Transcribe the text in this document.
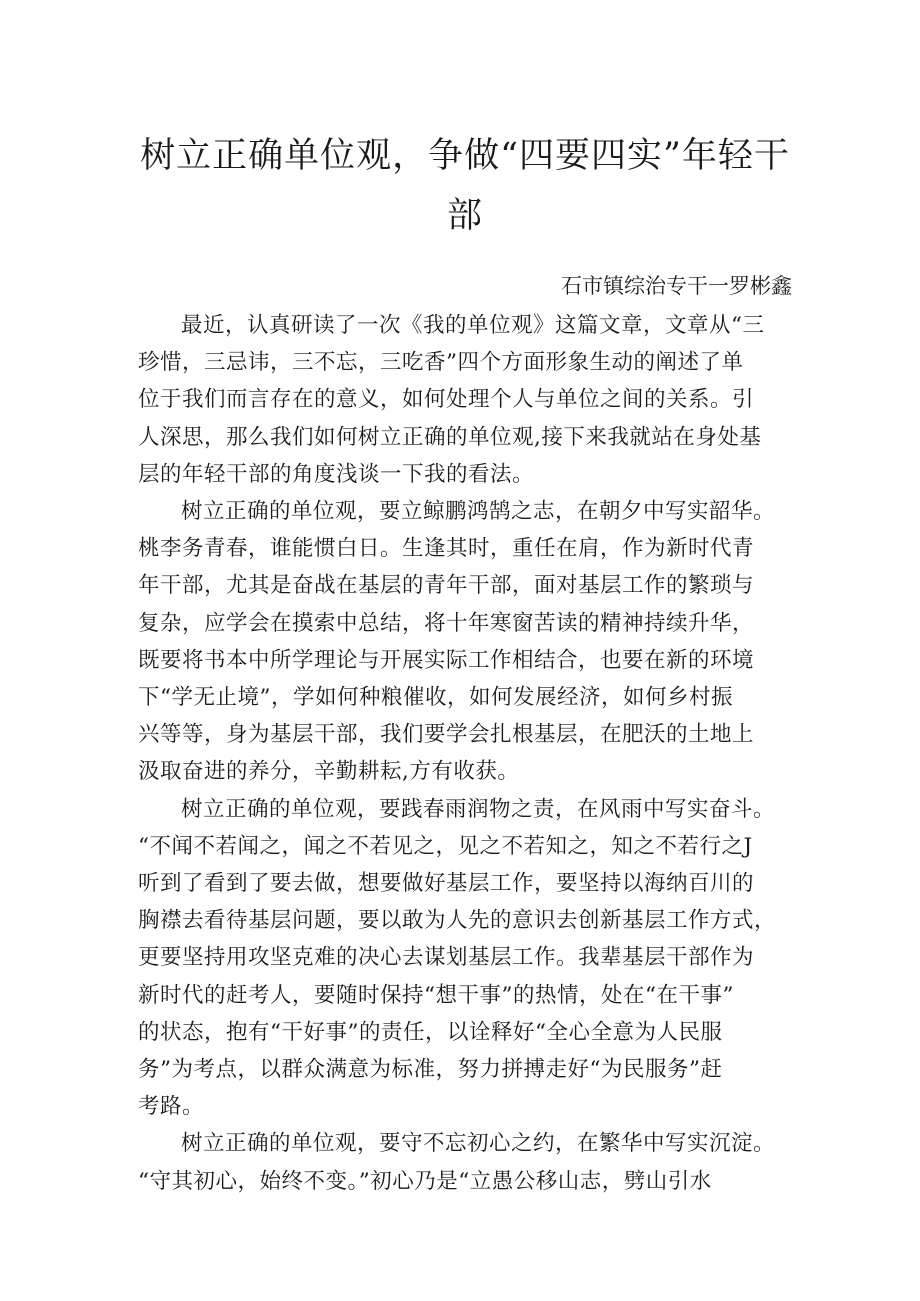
树立正确单位观，争做“四要四实”年轻干
部

石市镇综治专干一罗彬鑫

最近，认真研读了一次《我的单位观》这篇文章，文章从“三
珍惜，三忌讳，三不忘，三吃香”四个方面形象生动的阐述了单
位于我们而言存在的意义，如何处理个人与单位之间的关系。引
人深思，那么我们如何树立正确的单位观,接下来我就站在身处基
层的年轻干部的角度浅谈一下我的看法。

树立正确的单位观，要立鲸鹏鸿鹄之志，在朝夕中写实韶华。
桃李务青春，谁能惯白日。生逢其时，重任在肩，作为新时代青
年干部，尤其是奋战在基层的青年干部，面对基层工作的繁琐与
复杂，应学会在摸索中总结，将十年寒窗苦读的精神持续升华，
既要将书本中所学理论与开展实际工作相结合，也要在新的环境
下“学无止境”，学如何种粮催收，如何发展经济，如何乡村振
兴等等，身为基层干部，我们要学会扎根基层，在肥沃的土地上
汲取奋进的养分，辛勤耕耘,方有收获。

树立正确的单位观，要践春雨润物之责，在风雨中写实奋斗。
“不闻不若闻之，闻之不若见之，见之不若知之，知之不若行之J
听到了看到了要去做，想要做好基层工作，要坚持以海纳百川的
胸襟去看待基层问题，要以敢为人先的意识去创新基层工作方式，
更要坚持用攻坚克难的决心去谋划基层工作。我辈基层干部作为
新时代的赶考人，要随时保持“想干事”的热情，处在“在干事”
的状态，抱有“干好事”的责任，以诠释好“全心全意为人民服
务”为考点，以群众满意为标准，努力拼搏走好“为民服务”赶
考路。

树立正确的单位观，要守不忘初心之约，在繁华中写实沉淀。
“守其初心，始终不变。”初心乃是“立愚公移山志，劈山引水
